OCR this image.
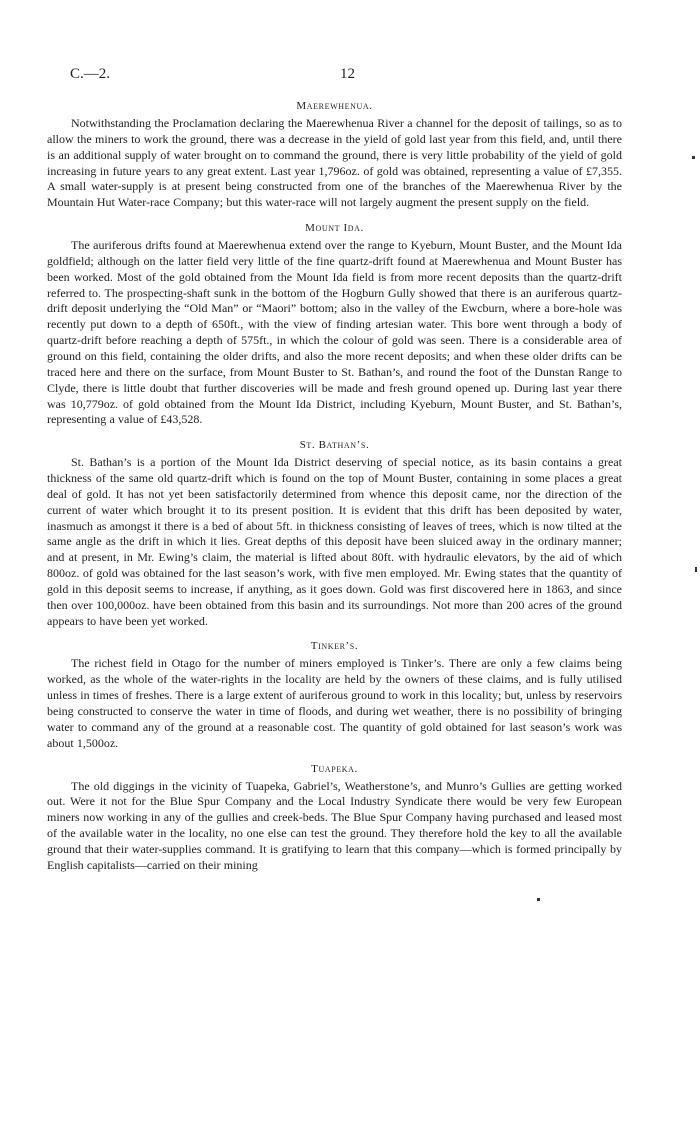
C.—2.	12
Maerewhenua.

Notwithstanding the Proclamation declaring the Maerewhenua River a channel for the deposit of tailings, so as to allow the miners to work the ground, there was a decrease in the yield of gold last year from this field, and, until there is an additional supply of water brought on to command the ground, there is very little probability of the yield of gold increasing in future years to any great extent. Last year 1,796oz. of gold was obtained, representing a value of £7,355. A small water-supply is at present being constructed from one of the branches of the Maerewhenua River by the Mountain Hut Water-race Company; but this water-race will not largely augment the present supply on the field.

Mount Ida.

The auriferous drifts found at Maerewhenua extend over the range to Kyeburn, Mount Buster, and the Mount Ida goldfield; although on the latter field very little of the fine quartz-drift found at Maerewhenua and Mount Buster has been worked. Most of the gold obtained from the Mount Ida field is from more recent deposits than the quartz-drift referred to. The prospecting-shaft sunk in the bottom of the Hogburn Gully showed that there is an auriferous quartz-drift deposit underlying the “Old Man” or “Maori” bottom; also in the valley of the Ewcburn, where a bore-hole was recently put down to a depth of 650ft., with the view of finding artesian water. This bore went through a body of quartz-drift before reaching a depth of 575ft., in which the colour of gold was seen. There is a considerable area of ground on this field, containing the older drifts, and also the more recent deposits; and when these older drifts can be traced here and there on the surface, from Mount Buster to St. Bathan’s, and round the foot of the Dunstan Range to Clyde, there is little doubt that further discoveries will be made and fresh ground opened up. During last year there was 10,779oz. of gold obtained from the Mount Ida District, including Kyeburn, Mount Buster, and St. Bathan’s, representing a value of £43,528.

St. Bathan’s.

St. Bathan’s is a portion of the Mount Ida District deserving of special notice, as its basin contains a great thickness of the same old quartz-drift which is found on the top of Mount Buster, containing in some places a great deal of gold. It has not yet been satisfactorily determined from whence this deposit came, nor the direction of the current of water which brought it to its present position. It is evident that this drift has been deposited by water, inasmuch as amongst it there is a bed of about 5ft. in thickness consisting of leaves of trees, which is now tilted at the same angle as the drift in which it lies. Great depths of this deposit have been sluiced away in the ordinary manner; and at present, in Mr. Ewing’s claim, the material is lifted about 80ft. with hydraulic elevators, by the aid of which 800oz. of gold was obtained for the last season’s work, with five men employed. Mr. Ewing states that the quantity of gold in this deposit seems to increase, if anything, as it goes down. Gold was first discovered here in 1863, and since then over 100,000oz. have been obtained from this basin and its surroundings. Not more than 200 acres of the ground appears to have been yet worked.

Tinker’s.

The richest field in Otago for the number of miners employed is Tinker’s. There are only a few claims being worked, as the whole of the water-rights in the locality are held by the owners of these claims, and is fully utilised unless in times of freshes. There is a large extent of auriferous ground to work in this locality; but, unless by reservoirs being constructed to conserve the water in time of floods, and during wet weather, there is no possibility of bringing water to command any of the ground at a reasonable cost. The quantity of gold obtained for last season’s work was about 1,500oz.

Tuapeka.

The old diggings in the vicinity of Tuapeka, Gabriel’s, Weatherstone’s, and Munro’s Gullies are getting worked out. Were it not for the Blue Spur Company and the Local Industry Syndicate there would be very few European miners now working in any of the gullies and creek-beds. The Blue Spur Company having purchased and leased most of the available water in the locality, no one else can test the ground. They therefore hold the key to all the available ground that their water-supplies command. It is gratifying to learn that this company—which is formed principally by English capitalists—carried on their mining
